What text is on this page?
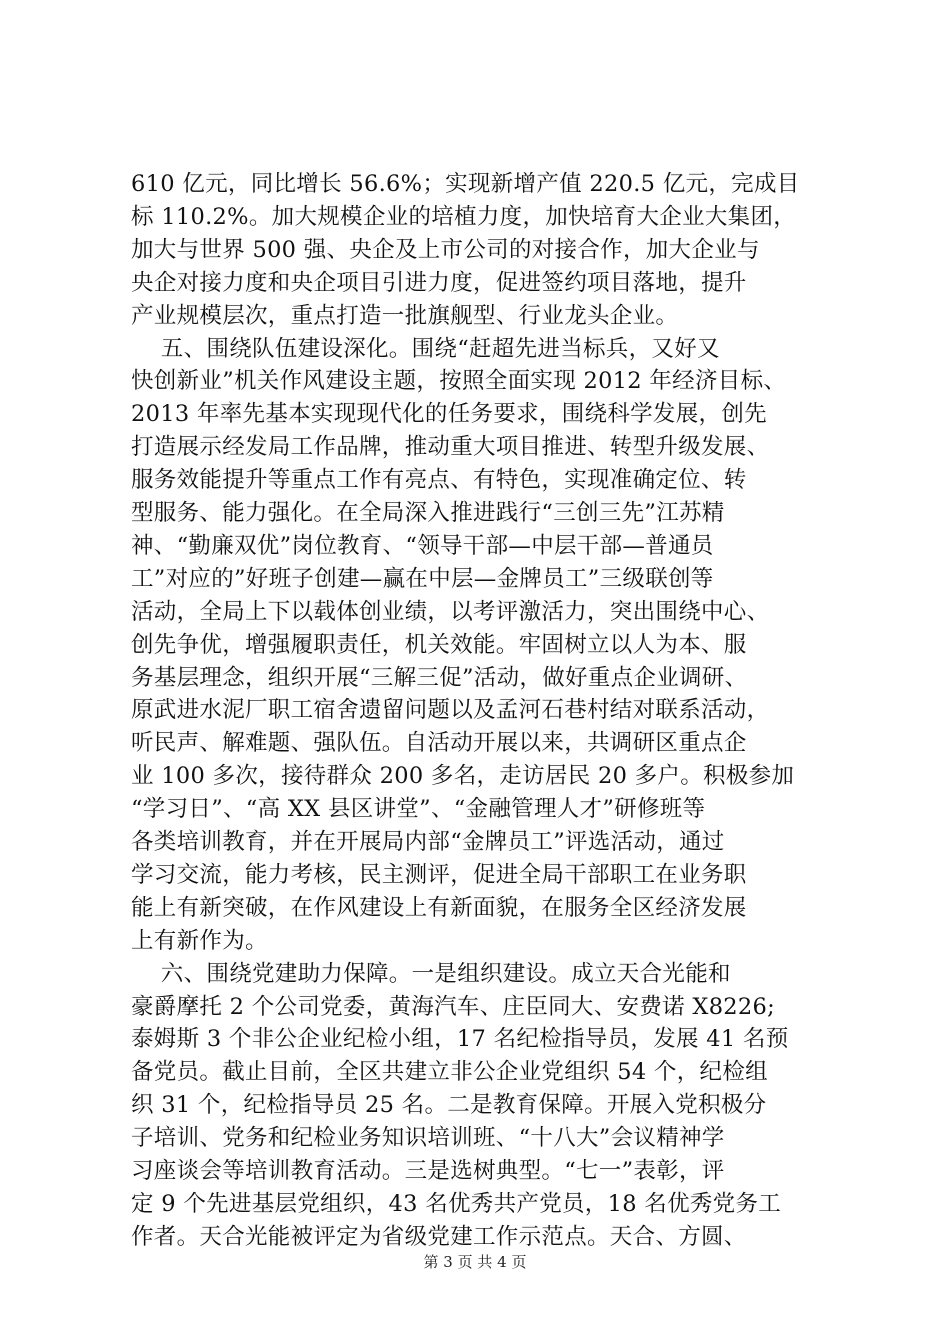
610 亿元，同比增长 56.6%；实现新增产值 220.5 亿元，完成目
标 110.2%。加大规模企业的培植力度，加快培育大企业大集团，
加大与世界 500 强、央企及上市公司的对接合作，加大企业与
央企对接力度和央企项目引进力度，促进签约项目落地，提升
产业规模层次，重点打造一批旗舰型、行业龙头企业。
五、围绕队伍建设深化。围绕“赶超先进当标兵，又好又
快创新业”机关作风建设主题，按照全面实现 2012 年经济目标、
2013 年率先基本实现现代化的任务要求，围绕科学发展，创先
打造展示经发局工作品牌，推动重大项目推进、转型升级发展、
服务效能提升等重点工作有亮点、有特色，实现准确定位、转
型服务、能力强化。在全局深入推进践行“三创三先”江苏精
神、“勤廉双优”岗位教育、“领导干部—中层干部—普通员
工”对应的”好班子创建—赢在中层—金牌员工”三级联创等
活动，全局上下以载体创业绩，以考评激活力，突出围绕中心、
创先争优，增强履职责任，机关效能。牢固树立以人为本、服
务基层理念，组织开展“三解三促”活动，做好重点企业调研、
原武进水泥厂职工宿舍遗留问题以及孟河石巷村结对联系活动，
听民声、解难题、强队伍。自活动开展以来，共调研区重点企
业 100 多次，接待群众 200 多名，走访居民 20 多户。积极参加
“学习日”、“高 XX 县区讲堂”、“金融管理人才”研修班等
各类培训教育，并在开展局内部“金牌员工”评选活动，通过
学习交流，能力考核，民主测评，促进全局干部职工在业务职
能上有新突破，在作风建设上有新面貌，在服务全区经济发展
上有新作为。
六、围绕党建助力保障。一是组织建设。成立天合光能和
豪爵摩托 2 个公司党委，黄海汽车、庄臣同大、安费诺 X8226;
泰姆斯 3 个非公企业纪检小组，17 名纪检指导员，发展 41 名预
备党员。截止目前，全区共建立非公企业党组织 54 个，纪检组
织 31 个，纪检指导员 25 名。二是教育保障。开展入党积极分
子培训、党务和纪检业务知识培训班、“十八大”会议精神学
习座谈会等培训教育活动。三是选树典型。“七一”表彰，评
定 9 个先进基层党组织，43 名优秀共产党员，18 名优秀党务工
作者。天合光能被评定为省级党建工作示范点。天合、方圆、
第 3 页 共 4 页
